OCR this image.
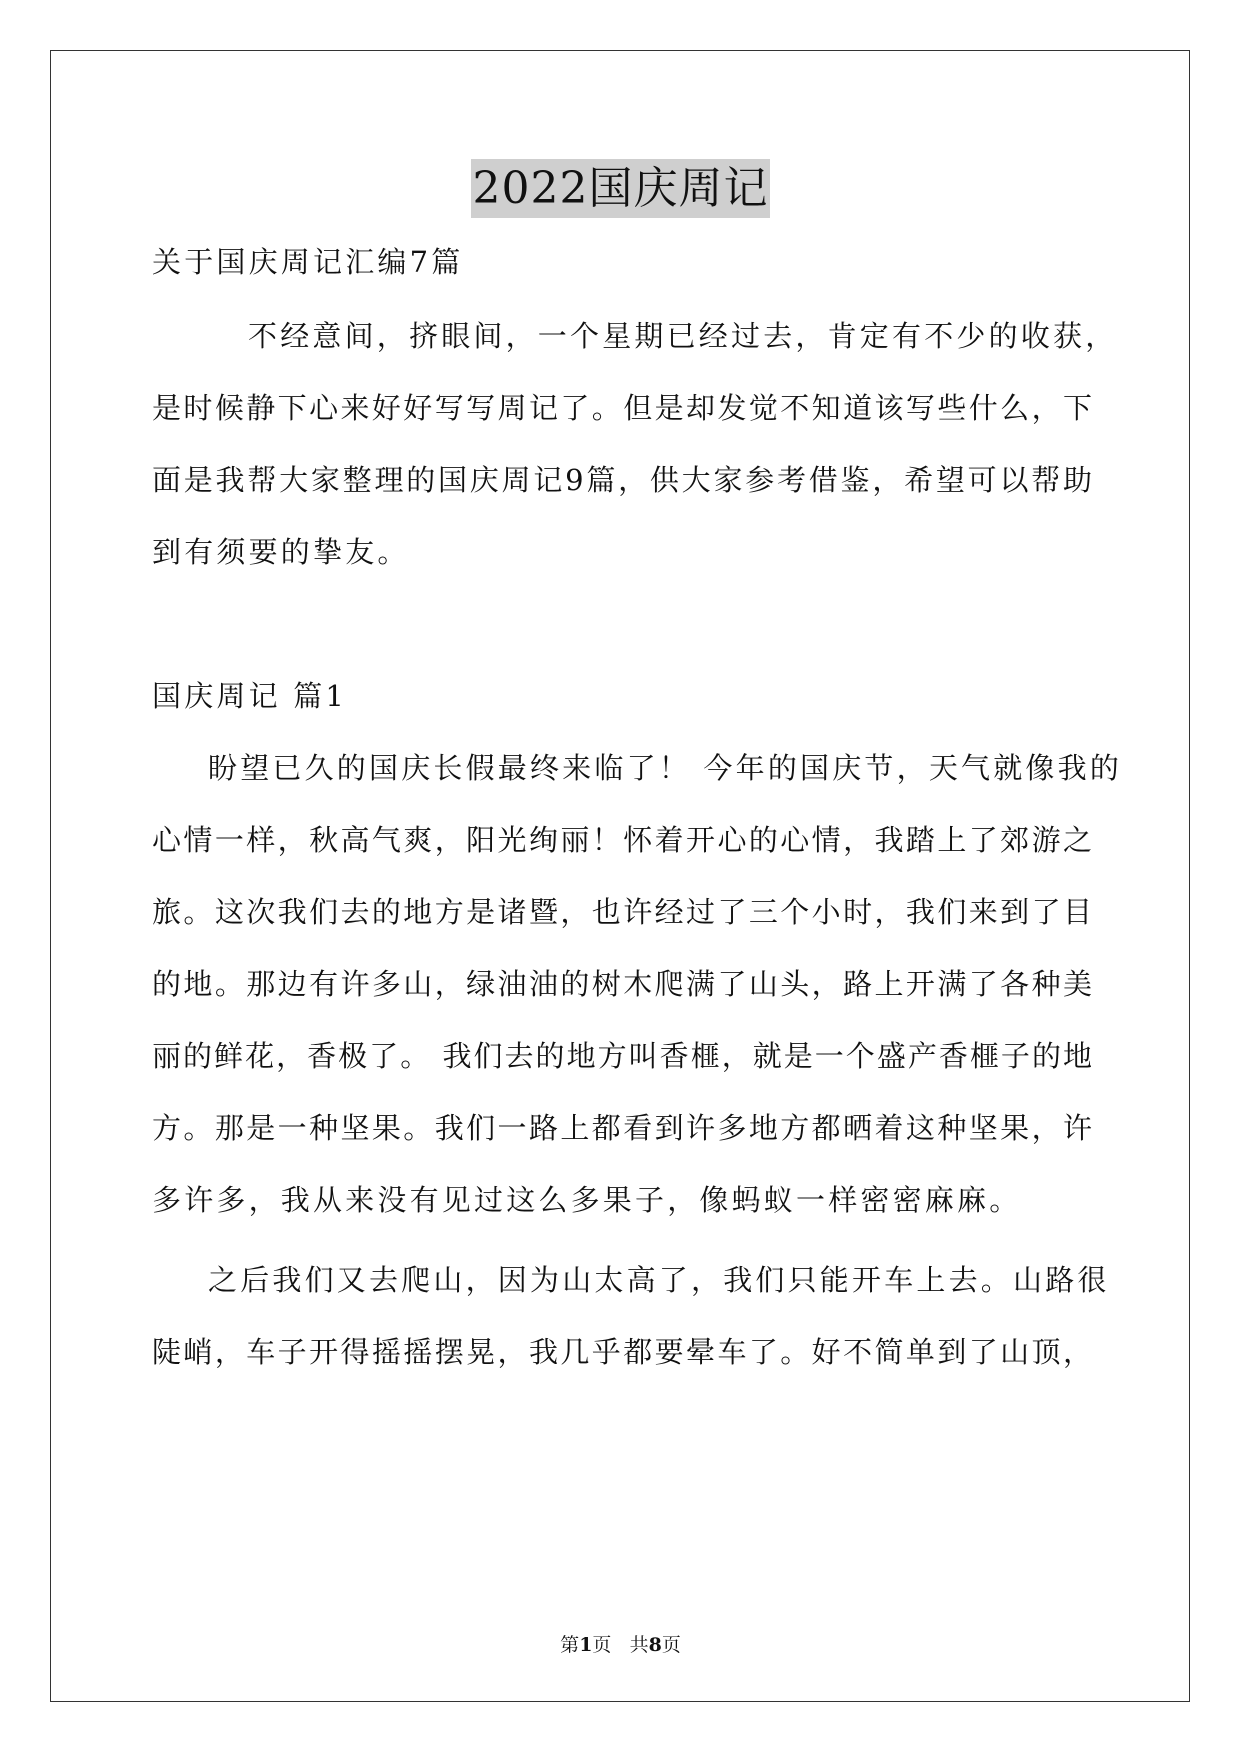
2022国庆周记
关于国庆周记汇编7篇
不经意间，挤眼间，一个星期已经过去，肯定有不少的收获，
是时候静下心来好好写写周记了。但是却发觉不知道该写些什么，下
面是我帮大家整理的国庆周记9篇，供大家参考借鉴，希望可以帮助
到有须要的挚友。
国庆周记 篇1
盼望已久的国庆长假最终来临了！ 今年的国庆节，天气就像我的
心情一样，秋高气爽，阳光绚丽！怀着开心的心情，我踏上了郊游之
旅。这次我们去的地方是诸暨，也许经过了三个小时，我们来到了目
的地。那边有许多山，绿油油的树木爬满了山头，路上开满了各种美
丽的鲜花，香极了。 我们去的地方叫香榧，就是一个盛产香榧子的地
方。那是一种坚果。我们一路上都看到许多地方都晒着这种坚果，许
多许多，我从来没有见过这么多果子，像蚂蚁一样密密麻麻。
之后我们又去爬山，因为山太高了，我们只能开车上去。山路很
陡峭，车子开得摇摇摆晃，我几乎都要晕车了。好不简单到了山顶，
第1页 共8页
